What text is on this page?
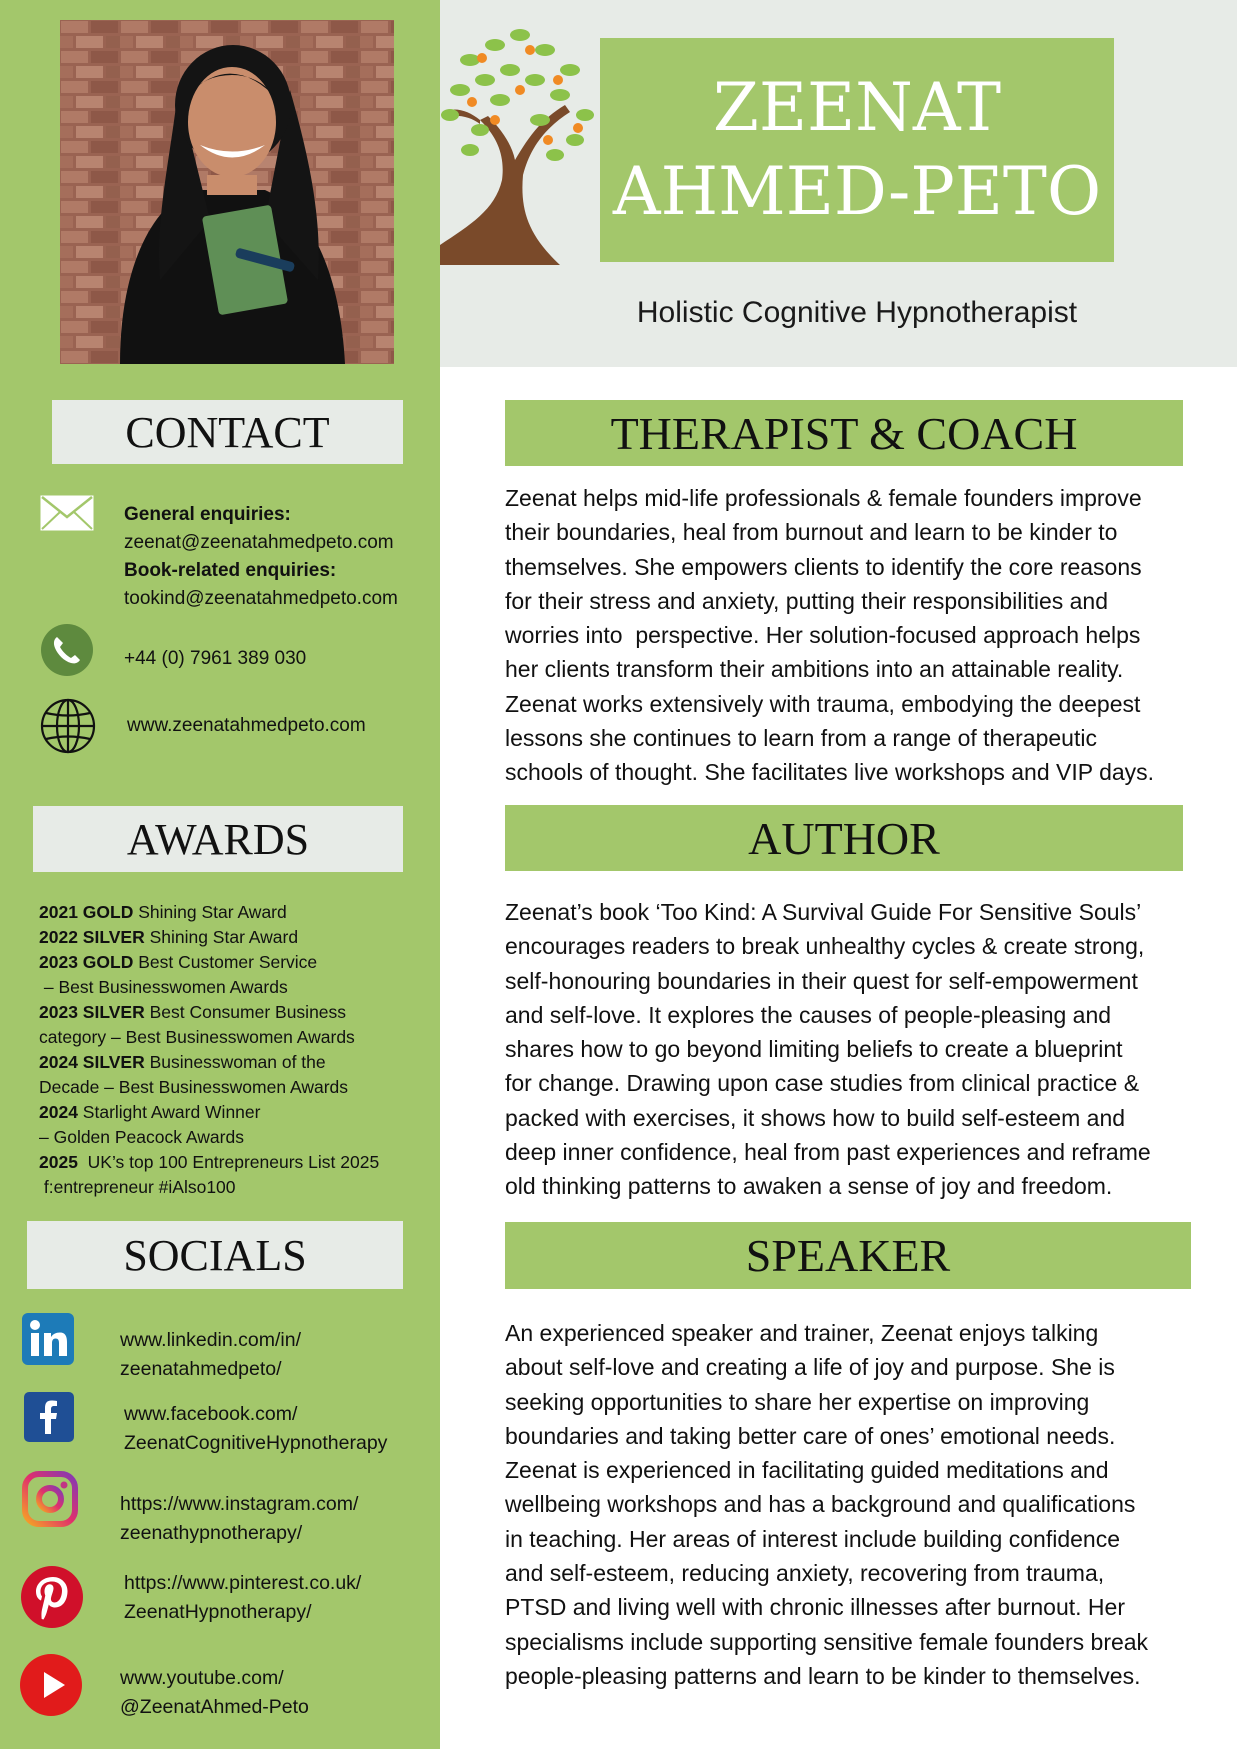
ZEENAT
AHMED-PETO
Holistic Cognitive Hypnotherapist
CONTACT
General enquiries:
zeenat@zeenatahmedpeto.com
Book-related enquiries:
tookind@zeenatahmedpeto.com
+44 (0) 7961 389 030
www.zeenatahmedpeto.com
AWARDS
2021 GOLD Shining Star Award
2022 SILVER Shining Star Award
2023 GOLD Best Customer Service
– Best Businesswomen Awards
2023 SILVER Best Consumer Business
category – Best Businesswomen Awards
2024 SILVER Businesswoman of the
Decade – Best Businesswomen Awards
2024 Starlight Award Winner
– Golden Peacock Awards
2025  UK’s top 100 Entrepreneurs List 2025
f:entrepreneur #iAlso100
SOCIALS
www.linkedin.com/in/
zeenatahmedpeto/
www.facebook.com/
ZeenatCognitiveHypnotherapy
https://www.instagram.com/
zeenathypnotherapy/
https://www.pinterest.co.uk/
ZeenatHypnotherapy/
www.youtube.com/
@ZeenatAhmed-Peto
THERAPIST & COACH
Zeenat helps mid-life professionals & female founders improve
their boundaries, heal from burnout and learn to be kinder to
themselves. She empowers clients to identify the core reasons
for their stress and anxiety, putting their responsibilities and
worries into  perspective. Her solution-focused approach helps
her clients transform their ambitions into an attainable reality.
Zeenat works extensively with trauma, embodying the deepest
lessons she continues to learn from a range of therapeutic
schools of thought. She facilitates live workshops and VIP days.
AUTHOR
Zeenat’s book ‘Too Kind: A Survival Guide For Sensitive Souls’
encourages readers to break unhealthy cycles & create strong,
self-honouring boundaries in their quest for self-empowerment
and self-love. It explores the causes of people-pleasing and
shares how to go beyond limiting beliefs to create a blueprint
for change. Drawing upon case studies from clinical practice &
packed with exercises, it shows how to build self-esteem and
deep inner confidence, heal from past experiences and reframe
old thinking patterns to awaken a sense of joy and freedom.
SPEAKER
An experienced speaker and trainer, Zeenat enjoys talking
about self-love and creating a life of joy and purpose. She is
seeking opportunities to share her expertise on improving
boundaries and taking better care of ones’ emotional needs.
Zeenat is experienced in facilitating guided meditations and
wellbeing workshops and has a background and qualifications
in teaching. Her areas of interest include building confidence
and self-esteem, reducing anxiety, recovering from trauma,
PTSD and living well with chronic illnesses after burnout. Her
specialisms include supporting sensitive female founders break
people-pleasing patterns and learn to be kinder to themselves.
